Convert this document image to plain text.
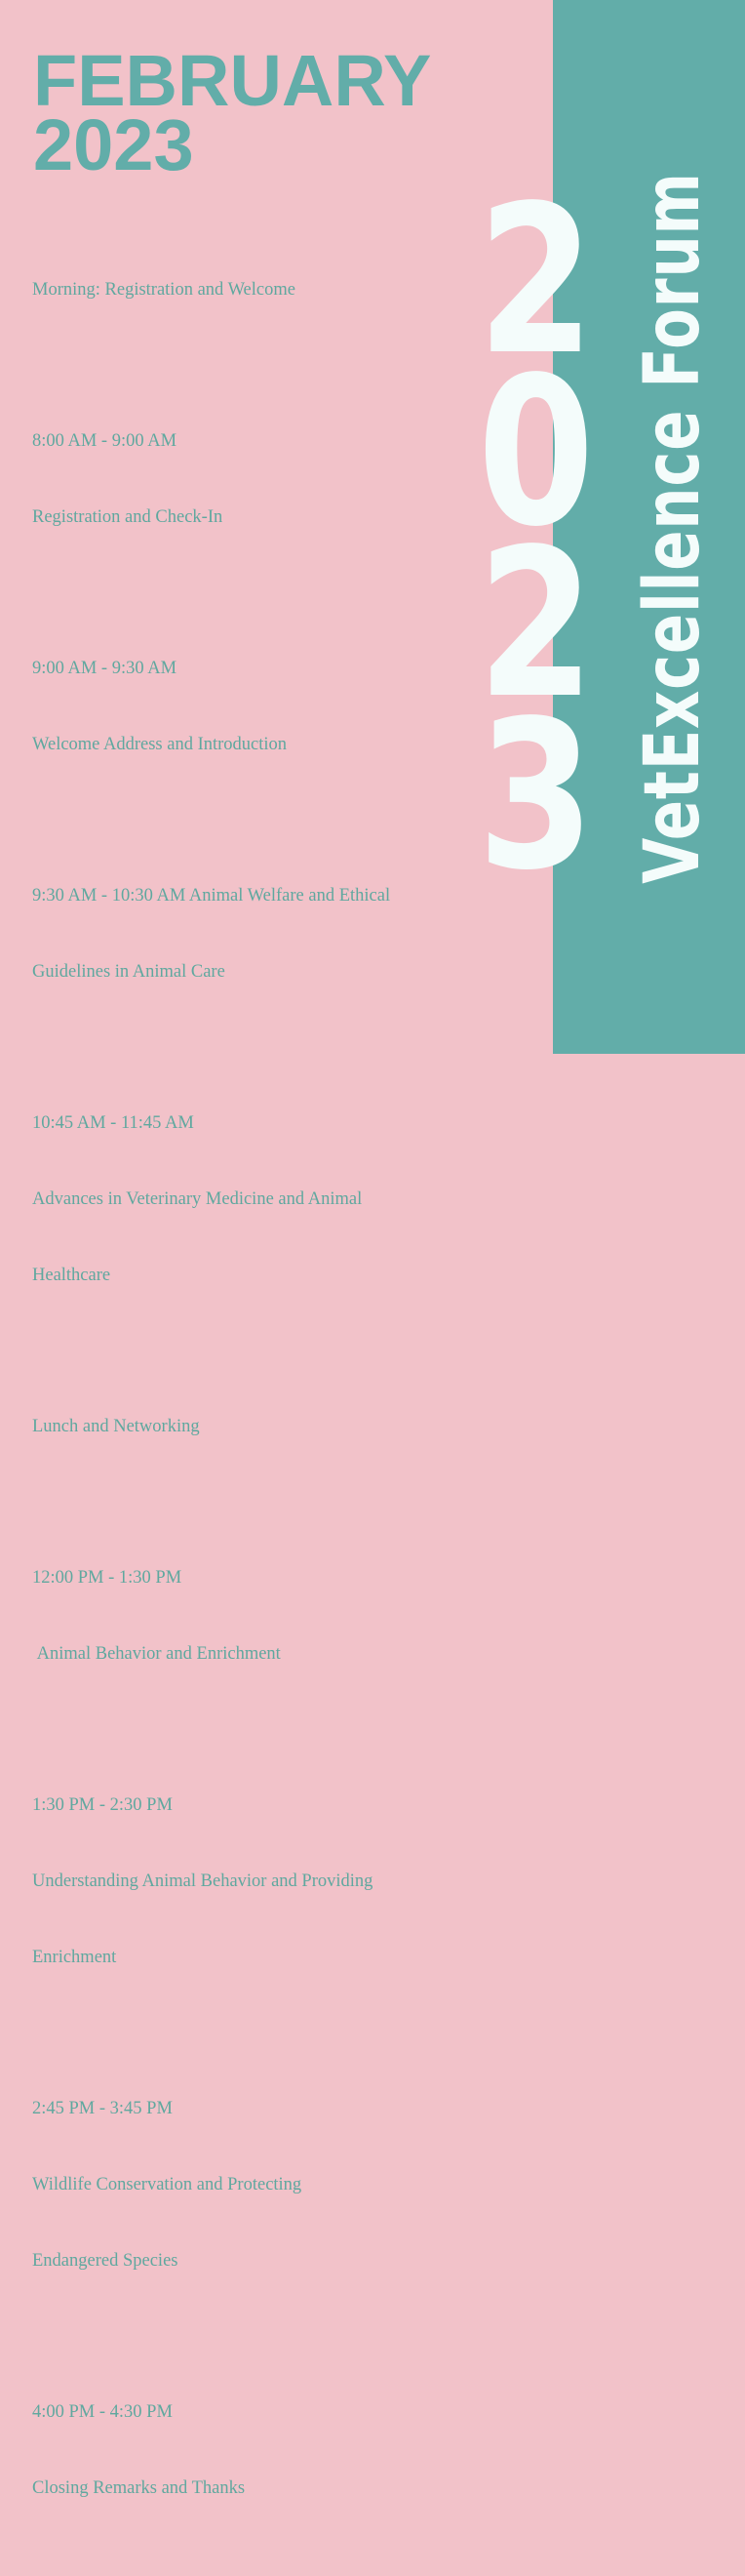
FEBRUARY
2023

Morning: Registration and Welcome

8:00 AM - 9:00 AM

Registration and Check-In

9:00 AM - 9:30 AM

Welcome Address and Introduction

9:30 AM - 10:30 AM Animal Welfare and Ethical

Guidelines in Animal Care

10:45 AM - 11:45 AM

Advances in Veterinary Medicine and Animal

Healthcare

Lunch and Networking

12:00 PM - 1:30 PM

Animal Behavior and Enrichment

1:30 PM - 2:30 PM

Understanding Animal Behavior and Providing

Enrichment

2:45 PM - 3:45 PM

Wildlife Conservation and Protecting

Endangered Species

4:00 PM - 4:30 PM

Closing Remarks and Thanks

2
0
2
3 VetExcellence Forum
